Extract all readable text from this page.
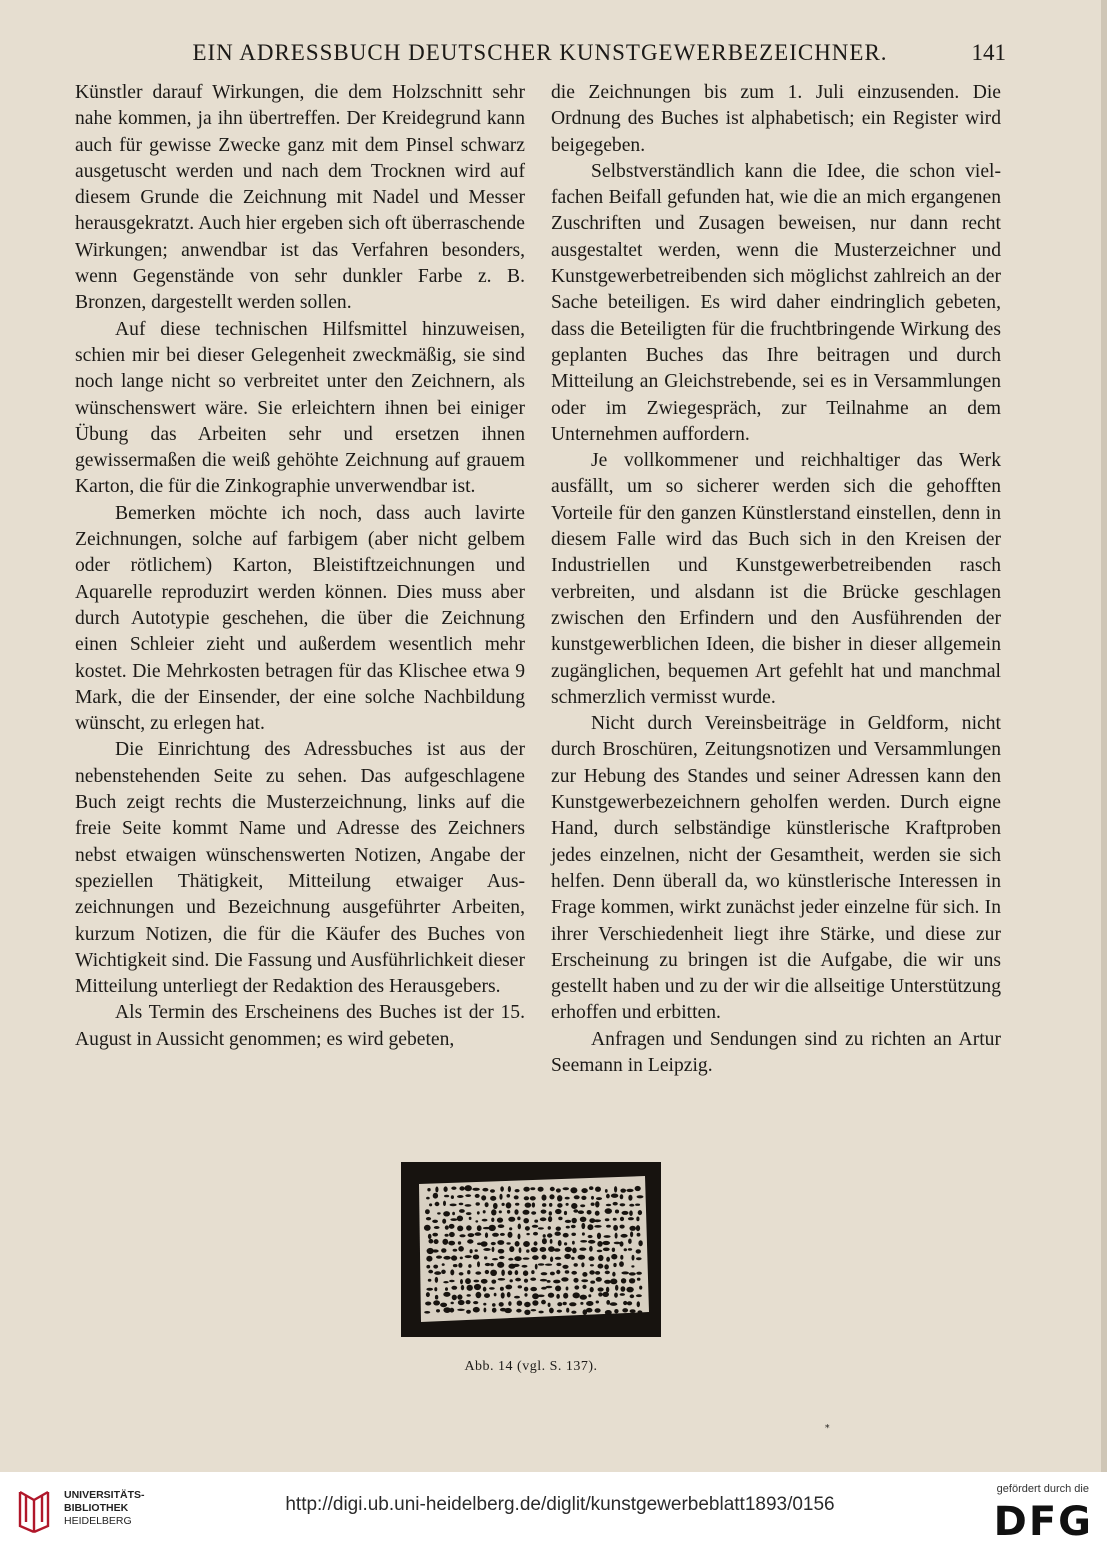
EIN ADRESSBUCH DEUTSCHER KUNSTGEWERBEZEICHNER.	141

Künstler darauf Wirkungen, die dem Holzschnitt sehr nahe kommen, ja ihn übertreffen. Der Kreidegrund kann auch für gewisse Zwecke ganz mit dem Pinsel schwarz ausgetuscht werden und nach dem Trocknen wird auf diesem Grunde die Zeichnung mit Nadel und Messer herausgekratzt. Auch hier ergeben sich oft überraschende Wirkungen; anwendbar ist das Verfahren besonders, wenn Gegenstände von sehr dunkler Farbe z. B. Bronzen, dargestellt werden sollen.

Auf diese technischen Hilfsmittel hinzuweisen, schien mir bei dieser Gelegenheit zweckmäßig, sie sind noch lange nicht so verbreitet unter den Zeichnern, als wünschenswert wäre. Sie erleichtern ihnen bei einiger Übung das Arbeiten sehr und ersetzen ihnen gewissermaßen die weiß gehöhte Zeichnung auf grauem Karton, die für die Zinkographie unverwendbar ist.

Bemerken möchte ich noch, dass auch lavirte Zeichnungen, solche auf farbigem (aber nicht gelbem oder rötlichem) Karton, Bleistiftzeichnungen und Aquarelle reproduzirt werden können. Dies muss aber durch Autotypie geschehen, die über die Zeichnung einen Schleier zieht und außerdem wesentlich mehr kostet. Die Mehrkosten betragen für das Klischee etwa 9 Mark, die der Einsender, der eine solche Nachbildung wünscht, zu erlegen hat.

Die Einrichtung des Adressbuches ist aus der nebenstehenden Seite zu sehen. Das aufgeschlagene Buch zeigt rechts die Musterzeichnung, links auf die freie Seite kommt Name und Adresse des Zeichners nebst etwaigen wünschenswerten Notizen, Angabe der speziellen Thätigkeit, Mitteilung etwaiger Auszeichnungen und Bezeichnung ausgeführter Arbeiten, kurzum Notizen, die für die Käufer des Buches von Wichtigkeit sind. Die Fassung und Ausführlichkeit dieser Mitteilung unterliegt der Redaktion des Herausgebers.

Als Termin des Erscheinens des Buches ist der 15. August in Aussicht genommen; es wird gebeten,

die Zeichnungen bis zum 1. Juli einzusenden. Die Ordnung des Buches ist alphabetisch; ein Register wird beigegeben.

Selbstverständlich kann die Idee, die schon vielfachen Beifall gefunden hat, wie die an mich ergangenen Zuschriften und Zusagen beweisen, nur dann recht ausgestaltet werden, wenn die Musterzeichner und Kunstgewerbetreibenden sich möglichst zahlreich an der Sache beteiligen. Es wird daher eindringlich gebeten, dass die Beteiligten für die fruchtbringende Wirkung des geplanten Buches das Ihre beitragen und durch Mitteilung an Gleichstrebende, sei es in Versammlungen oder im Zwiegespräch, zur Teilnahme an dem Unternehmen auffordern.

Je vollkommener und reichhaltiger das Werk ausfällt, um so sicherer werden sich die gehofften Vorteile für den ganzen Künstlerstand einstellen, denn in diesem Falle wird das Buch sich in den Kreisen der Industriellen und Kunstgewerbetreibenden rasch verbreiten, und alsdann ist die Brücke geschlagen zwischen den Erfindern und den Ausführenden der kunstgewerblichen Ideen, die bisher in dieser allgemein zugänglichen, bequemen Art gefehlt hat und manchmal schmerzlich vermisst wurde.

Nicht durch Vereinsbeiträge in Geldform, nicht durch Broschüren, Zeitungsnotizen und Versammlungen zur Hebung des Standes und seiner Adressen kann den Kunstgewerbezeichnern geholfen werden. Durch eigne Hand, durch selbständige künstlerische Kraftproben jedes einzelnen, nicht der Gesamtheit, werden sie sich helfen. Denn überall da, wo künstlerische Interessen in Frage kommen, wirkt zunächst jeder einzelne für sich. In ihrer Verschiedenheit liegt ihre Stärke, und diese zur Erscheinung zu bringen ist die Aufgabe, die wir uns gestellt haben und zu der wir die allseitige Unterstützung erhoffen und erbitten.

Anfragen und Sendungen sind zu richten an Artur Seemann in Leipzig.

Abb. 14 (vgl. S. 137).
*
UNIVERSITÄTS-
BIBLIOTHEK
HEIDELBERG
http://digi.ub.uni-heidelberg.de/diglit/kunstgewerbeblatt1893/0156
gefördert durch die
DFG
